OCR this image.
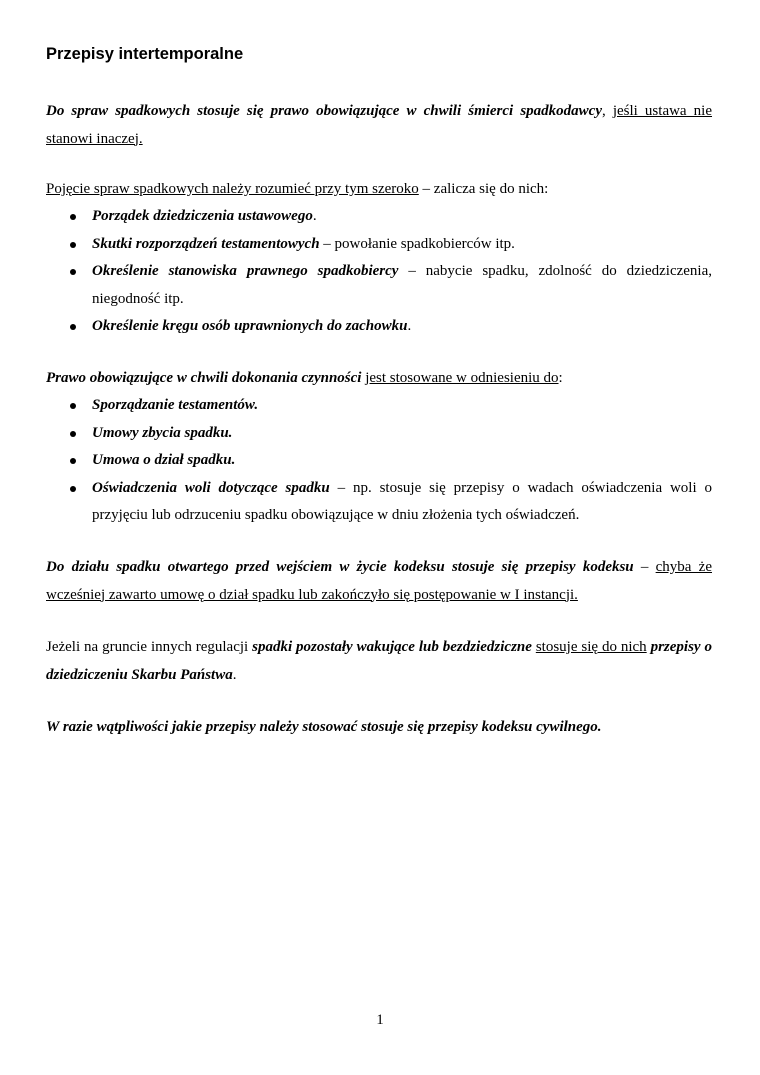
Przepisy intertemporalne

Do spraw spadkowych stosuje się prawo obowiązujące w chwili śmierci spadkodawcy, jeśli ustawa nie stanowi inaczej.

Pojęcie spraw spadkowych należy rozumieć przy tym szeroko – zalicza się do nich:

Porządek dziedziczenia ustawowego.
Skutki rozporządzeń testamentowych – powołanie spadkobierców itp.
Określenie stanowiska prawnego spadkobiercy – nabycie spadku, zdolność do dziedziczenia, niegodność itp.
Określenie kręgu osób uprawnionych do zachowku.

Prawo obowiązujące w chwili dokonania czynności jest stosowane w odniesieniu do:

Sporządzanie testamentów.
Umowy zbycia spadku.
Umowa o dział spadku.
Oświadczenia woli dotyczące spadku – np. stosuje się przepisy o wadach oświadczenia woli o przyjęciu lub odrzuceniu spadku obowiązujące w dniu złożenia tych oświadczeń.

Do działu spadku otwartego przed wejściem w życie kodeksu stosuje się przepisy kodeksu – chyba że wcześniej zawarto umowę o dział spadku lub zakończyło się postępowanie w I instancji.

Jeżeli na gruncie innych regulacji spadki pozostały wakujące lub bezdziedziczne stosuje się do nich przepisy o dziedziczeniu Skarbu Państwa.

W razie wątpliwości jakie przepisy należy stosować stosuje się przepisy kodeksu cywilnego.

1
